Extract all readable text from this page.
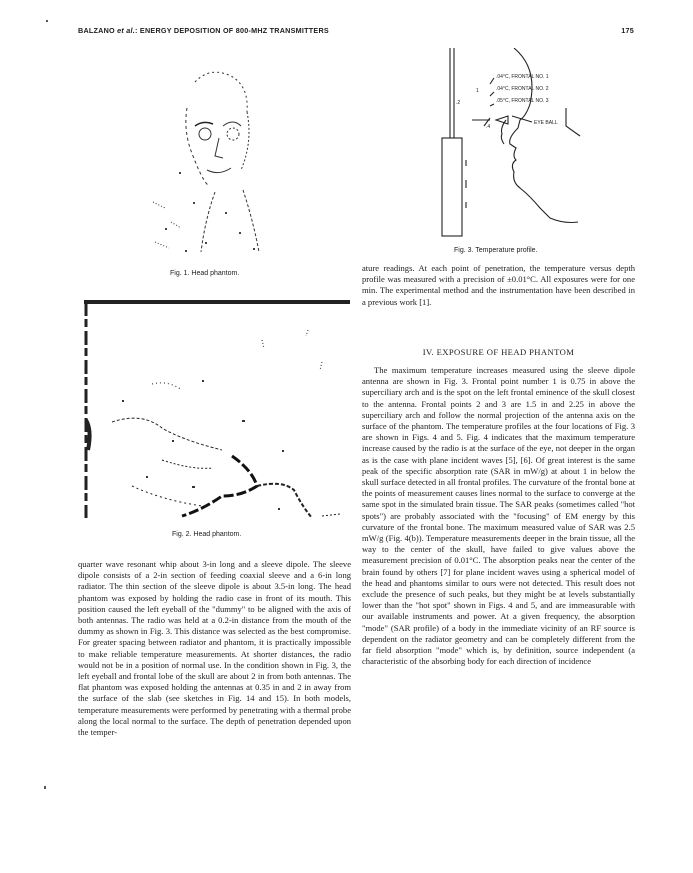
BALZANO et al.: ENERGY DEPOSITION OF 800-MHZ TRANSMITTERS	175
Fig. 1. Head phantom.
Fig. 2. Head phantom.
.04°C, FRONTAL NO. 1
.04°C, FRONTAL NO. 2
.05°C, FRONTAL NO. 3
EYE BALL
.2
.4
1
Fig. 3. Temperature profile.

quarter wave resonant whip about 3-in long and a sleeve dipole. The sleeve dipole consists of a 2-in section of feeding coaxial sleeve and a 6-in long radiator. The thin section of the sleeve dipole is about 3.5-in long. The head phantom was exposed by holding the radio case in front of its mouth. This position caused the left eyeball of the "dummy" to be aligned with the axis of both antennas. The radio was held at a 0.2-in distance from the mouth of the dummy as shown in Fig. 3. This distance was selected as the best compromise. For greater spacing between radiator and phantom, it is practically impossible to make reliable temperature measurements. At shorter distances, the radio would not be in a position of normal use. In the condition shown in Fig. 3, the left eyeball and frontal lobe of the skull are about 2 in from both antennas. The flat phantom was exposed holding the antennas at 0.35 in and 2 in away from the surface of the slab (see sketches in Fig. 14 and 15). In both models, temperature measurements were performed by penetrating with a thermal probe along the local normal to the surface. The depth of penetration depended upon the temper-

ature readings. At each point of penetration, the temperature versus depth profile was measured with a precision of ±0.01°C. All exposures were for one min. The experimental method and the instrumentation have been described in a previous work [1].

IV. EXPOSURE OF HEAD PHANTOM

The maximum temperature increases measured using the sleeve dipole antenna are shown in Fig. 3. Frontal point number 1 is 0.75 in above the superciliary arch and is the spot on the left frontal eminence of the skull closest to the antenna. Frontal points 2 and 3 are 1.5 in and 2.25 in above the superciliary arch and follow the normal projection of the antenna axis on the surface of the phantom. The temperature profiles at the four locations of Fig. 3 are shown in Figs. 4 and 5. Fig. 4 indicates that the maximum temperature increase caused by the radio is at the surface of the eye, not deeper in the organ as is the case with plane incident waves [5], [6]. Of great interest is the same peak of the specific absorption rate (SAR in mW/g) at about 1 in below the skull surface detected in all frontal profiles. The curvature of the frontal bone at the points of measurement causes lines normal to the surface to converge at the same spot in the simulated brain tissue. The SAR peaks (sometimes called "hot spots") are probably associated with the "focusing" of EM energy by this curvature of the frontal bone. The maximum measured value of SAR was 2.5 mW/g (Fig. 4(b)). Temperature measurements deeper in the brain tissue, all the way to the center of the skull, have failed to give values above the measurement precision of 0.01°C. The absorption peaks near the center of the brain found by others [7] for plane incident waves using a spherical model of the head and phantoms similar to ours were not detected. This result does not exclude the presence of such peaks, but they might be at levels substantially lower than the "hot spot" shown in Figs. 4 and 5, and are immeasurable with our available instruments and power. At a given frequency, the absorption "mode" (SAR profile) of a body in the immediate vicinity of an RF source is dependent on the radiator geometry and can be completely different from the far field absorption "mode" which is, by definition, source independent (a characteristic of the absorbing body for each direction of incidence
